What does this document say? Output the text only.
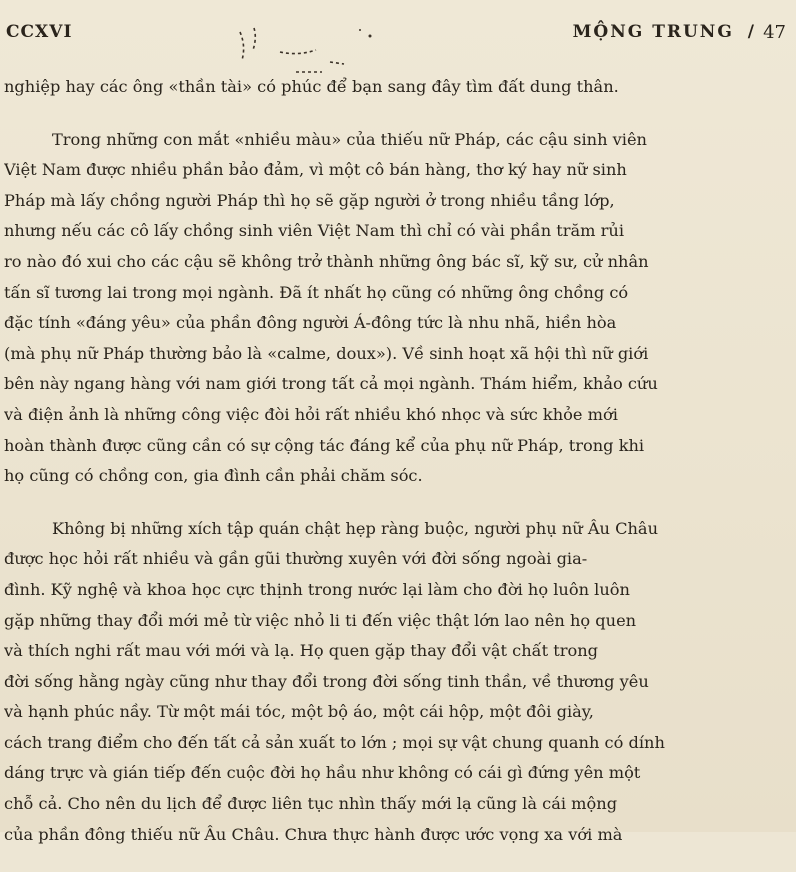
CCXVI	MỘNG TRUNG / 47
nghiệp hay các ông «thần tài» có phúc để bạn sang đây tìm đất dung thân.
Trong những con mắt «nhiều màu» của thiếu nữ Pháp, các cậu sinh viên
Việt Nam được nhiều phần bảo đảm, vì một cô bán hàng, thơ ký hay nữ sinh
Pháp mà lấy chồng người Pháp thì họ sẽ gặp người ở trong nhiều tầng lớp,
nhưng nếu các cô lấy chồng sinh viên Việt Nam thì chỉ có vài phần trăm rủi
ro nào đó xui cho các cậu sẽ không trở thành những ông bác sĩ, kỹ sư, cử nhân
tấn sĩ tương lai trong mọi ngành. Đã ít nhất họ cũng có những ông chồng có
đặc tính «đáng yêu» của phần đông người Á-đông tức là nhu nhã, hiền hòa
(mà phụ nữ Pháp thường bảo là «calme, doux»). Về sinh hoạt xã hội thì nữ giới
bên này ngang hàng với nam giới trong tất cả mọi ngành. Thám hiểm, khảo cứu
và điện ảnh là những công việc đòi hỏi rất nhiều khó nhọc và sức khỏe mới
hoàn thành được cũng cần có sự cộng tác đáng kể của phụ nữ Pháp, trong khi
họ cũng có chồng con, gia đình cần phải chăm sóc.
Không bị những xích tập quán chật hẹp ràng buộc, người phụ nữ Âu Châu
được học hỏi rất nhiều và gần gũi thường xuyên với đời sống ngoài gia-
đình. Kỹ nghệ và khoa học cực thịnh trong nước lại làm cho đời họ luôn luôn
gặp những thay đổi mới mẻ từ việc nhỏ li ti đến việc thật lớn lao nên họ quen
và thích nghi rất mau với mới và lạ. Họ quen gặp thay đổi vật chất trong
đời sống hằng ngày cũng như thay đổi trong đời sống tinh thần, về thương yêu
và hạnh phúc nầy. Từ một mái tóc, một bộ áo, một cái hộp, một đôi giày,
cách trang điểm cho đến tất cả sản xuất to lớn ; mọi sự vật chung quanh có dính
dáng trực và gián tiếp đến cuộc đời họ hầu như không có cái gì đứng yên một
chỗ cả. Cho nên du lịch để được liên tục nhìn thấy mới lạ cũng là cái mộng
của phần đông thiếu nữ Âu Châu. Chưa thực hành được ước vọng xa với mà
